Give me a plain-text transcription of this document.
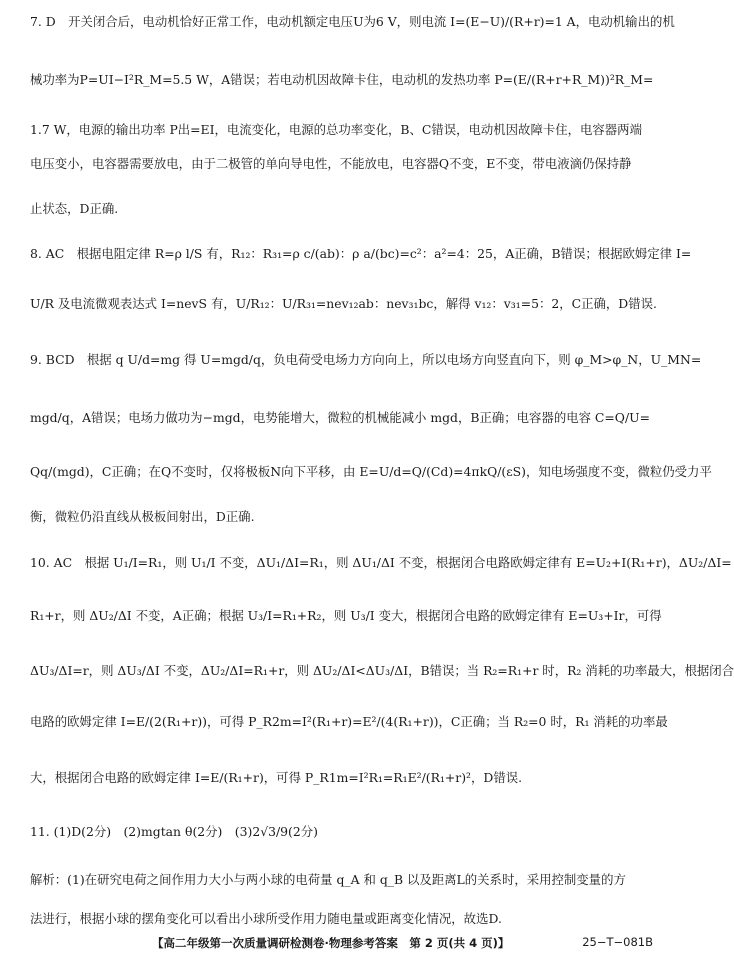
7. D　开关闭合后，电动机恰好正常工作，电动机额定电压U为6 V，则电流 I=(E−U)/(R+r)=1 A，电动机输出的机
械功率为P=UI−I²R_M=5.5 W，A错误；若电动机因故障卡住，电动机的发热功率 P=(E/(R+r+R_M))²R_M=
1.7 W，电源的输出功率 P出=EI，电流变化，电源的总功率变化，B、C错误，电动机因故障卡住，电容器两端
电压变小，电容器需要放电，由于二极管的单向导电性，不能放电，电容器Q不变，E不变，带电液滴仍保持静
止状态，D正确.
8. AC　根据电阻定律 R=ρ l/S 有，R₁₂：R₃₁=ρ c/(ab)：ρ a/(bc)=c²：a²=4：25，A正确，B错误；根据欧姆定律 I=
U/R 及电流微观表达式 I=nevS 有，U/R₁₂：U/R₃₁=nev₁₂ab：nev₃₁bc，解得 v₁₂：v₃₁=5：2，C正确，D错误.
9. BCD　根据 q U/d=mg 得 U=mgd/q，负电荷受电场力方向向上，所以电场方向竖直向下，则 φ_M>φ_N，U_MN=
mgd/q，A错误；电场力做功为−mgd，电势能增大，微粒的机械能减小 mgd，B正确；电容器的电容 C=Q/U=
Qq/(mgd)，C正确；在Q不变时，仅将极板N向下平移，由 E=U/d=Q/(Cd)=4πkQ/(εS)，知电场强度不变，微粒仍受力平
衡，微粒仍沿直线从极板间射出，D正确.
10. AC　根据 U₁/I=R₁，则 U₁/I 不变，ΔU₁/ΔI=R₁，则 ΔU₁/ΔI 不变，根据闭合电路欧姆定律有 E=U₂+I(R₁+r)，ΔU₂/ΔI=
R₁+r，则 ΔU₂/ΔI 不变，A正确；根据 U₃/I=R₁+R₂，则 U₃/I 变大，根据闭合电路的欧姆定律有 E=U₃+Ir，可得
ΔU₃/ΔI=r，则 ΔU₃/ΔI 不变，ΔU₂/ΔI=R₁+r，则 ΔU₂/ΔI<ΔU₃/ΔI，B错误；当 R₂=R₁+r 时，R₂ 消耗的功率最大，根据闭合
电路的欧姆定律 I=E/(2(R₁+r))，可得 P_R2m=I²(R₁+r)=E²/(4(R₁+r))，C正确；当 R₂=0 时，R₁ 消耗的功率最
大，根据闭合电路的欧姆定律 I=E/(R₁+r)，可得 P_R1m=I²R₁=R₁E²/(R₁+r)²，D错误.
11. (1)D(2分)　(2)mgtan θ(2分)　(3)2√3/9(2分)
解析：(1)在研究电荷之间作用力大小与两小球的电荷量 q_A 和 q_B 以及距离L的关系时，采用控制变量的方
法进行，根据小球的摆角变化可以看出小球所受作用力随电量或距离变化情况，故选D.
【高二年级第一次质量调研检测卷·物理参考答案　第 2 页(共 4 页)】	25−T−081B
